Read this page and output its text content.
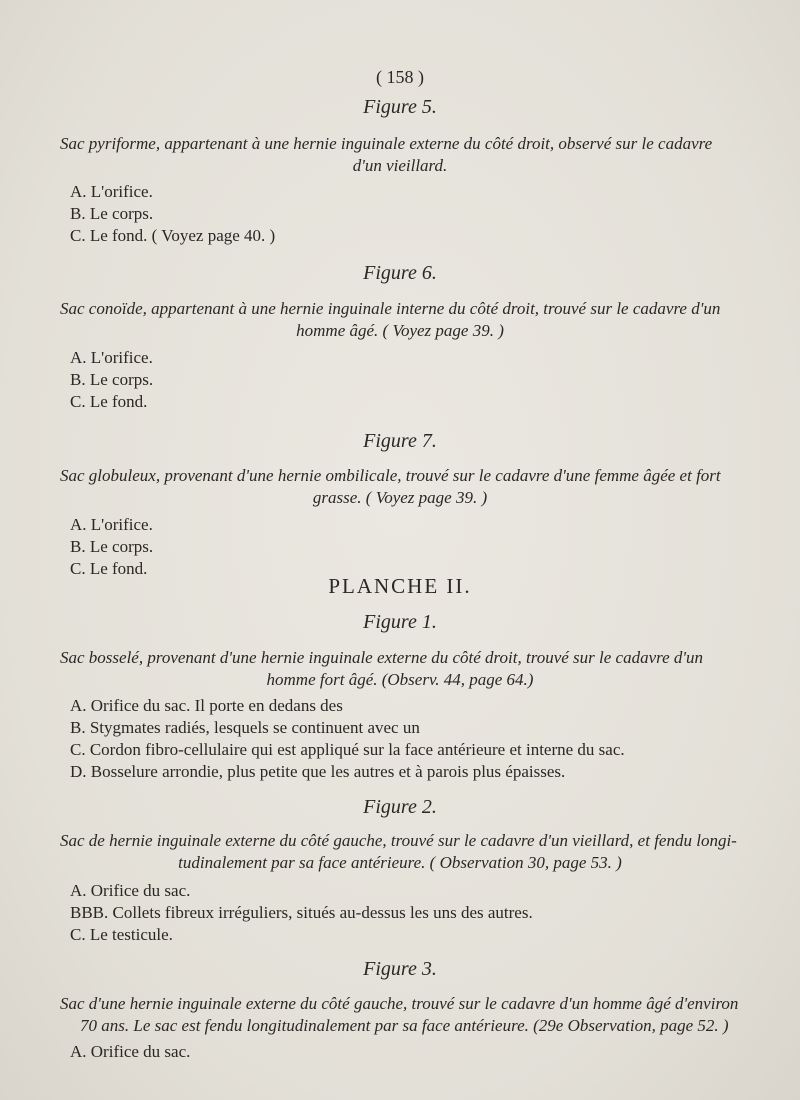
( 158 )
Figure 5.
Sac pyriforme, appartenant à une hernie inguinale externe du côté droit, observé sur le cadavre
d'un vieillard.
A. L'orifice.
B. Le corps.
C. Le fond. ( Voyez page 40. )
Figure 6.
Sac conoïde, appartenant à une hernie inguinale interne du côté droit, trouvé sur le cadavre d'un
homme âgé. ( Voyez page 39. )
A. L'orifice.
B. Le corps.
C. Le fond.
Figure 7.
Sac globuleux, provenant d'une hernie ombilicale, trouvé sur le cadavre d'une femme âgée et fort
grasse. ( Voyez page 39. )
A. L'orifice.
B. Le corps.
C. Le fond.
PLANCHE II.
Figure 1.
Sac bosselé, provenant d'une hernie inguinale externe du côté droit, trouvé sur le cadavre d'un
homme fort âgé. (Observ. 44, page 64.)
A. Orifice du sac. Il porte en dedans des
B. Stygmates radiés, lesquels se continuent avec un
C. Cordon fibro-cellulaire qui est appliqué sur la face antérieure et interne du sac.
D. Bosselure arrondie, plus petite que les autres et à parois plus épaisses.
Figure 2.
Sac de hernie inguinale externe du côté gauche, trouvé sur le cadavre d'un vieillard, et fendu longi-
tudinalement par sa face antérieure. ( Observation 30, page 53. )
A. Orifice du sac.
BBB. Collets fibreux irréguliers, situés au-dessus les uns des autres.
C. Le testicule.
Figure 3.
Sac d'une hernie inguinale externe du côté gauche, trouvé sur le cadavre d'un homme âgé d'environ
70 ans. Le sac est fendu longitudinalement par sa face antérieure. (29e Observation, page 52. )
A. Orifice du sac.
